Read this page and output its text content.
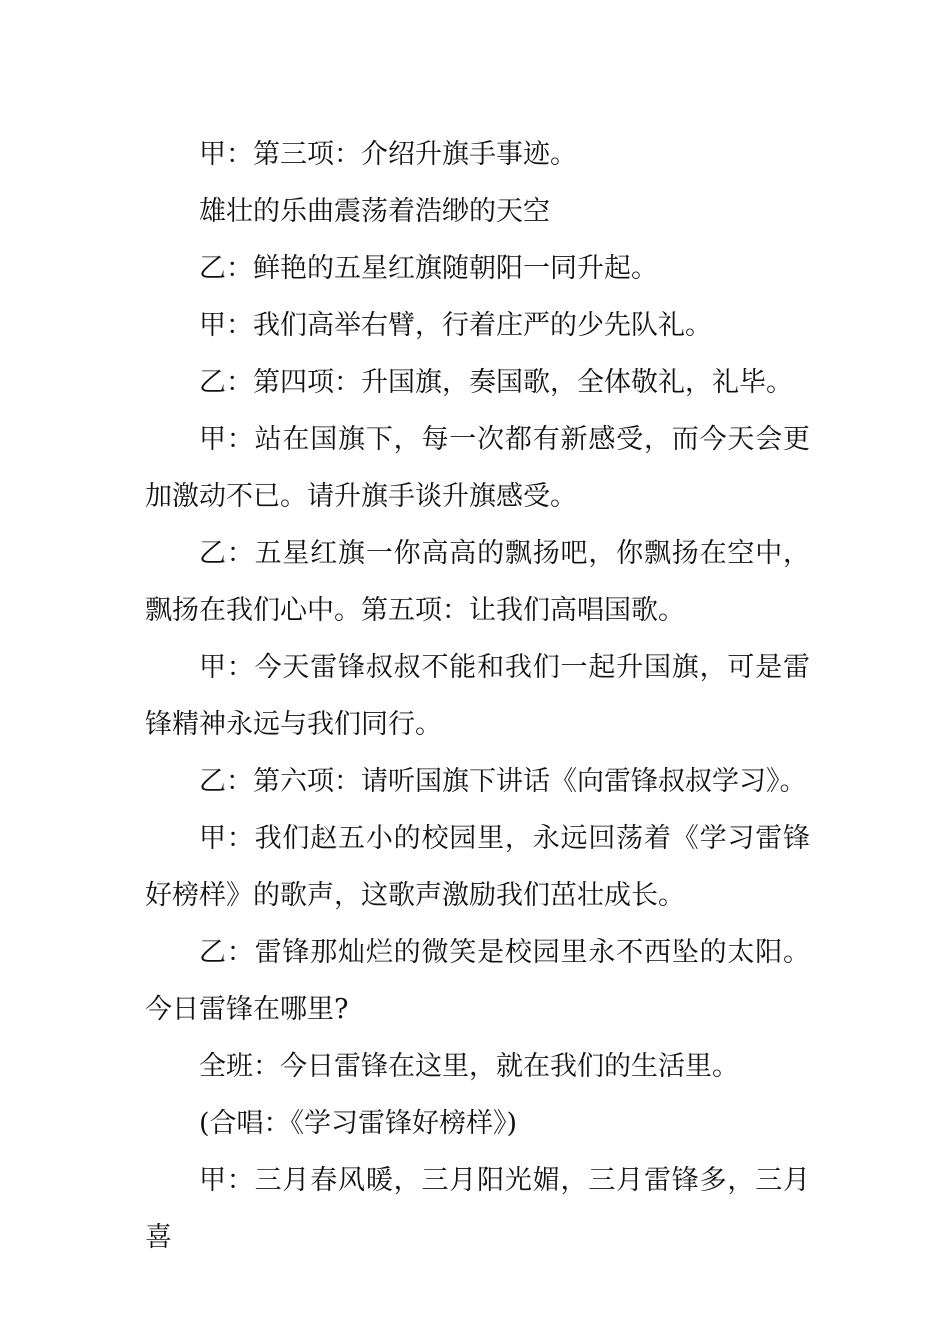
甲：第三项：介绍升旗手事迹。

雄壮的乐曲震荡着浩缈的天空

乙：鲜艳的五星红旗随朝阳一同升起。

甲：我们高举右臂，行着庄严的少先队礼。

乙：第四项：升国旗，奏国歌，全体敬礼，礼毕。

甲：站在国旗下，每一次都有新感受，而今天会更加激动不已。请升旗手谈升旗感受。

乙：五星红旗一你高高的飘扬吧，你飘扬在空中，飘扬在我们心中。第五项：让我们高唱国歌。

甲：今天雷锋叔叔不能和我们一起升国旗，可是雷锋精神永远与我们同行。

乙：第六项：请听国旗下讲话《向雷锋叔叔学习》。

甲：我们赵五小的校园里，永远回荡着《学习雷锋好榜样》的歌声，这歌声激励我们茁壮成长。

乙：雷锋那灿烂的微笑是校园里永不西坠的太阳。今日雷锋在哪里?

全班：今日雷锋在这里，就在我们的生活里。

(合唱：《学习雷锋好榜样》)

甲：三月春风暖，三月阳光媚，三月雷锋多，三月喜
